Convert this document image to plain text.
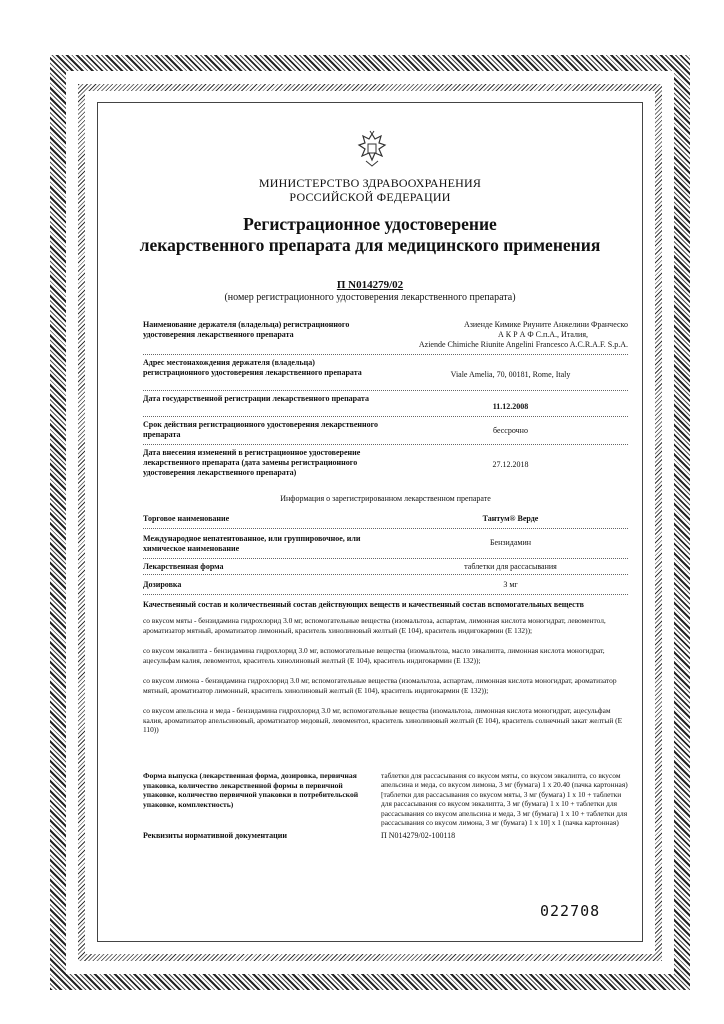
МИНИСТЕРСТВО ЗДРАВООХРАНЕНИЯ
РОССИЙСКОЙ ФЕДЕРАЦИИ
Регистрационное удостоверение
лекарственного препарата для медицинского применения
П N014279/02
(номер регистрационного удостоверения лекарственного препарата)
Наименование держателя (владельца) регистрационного удостоверения лекарственного препарата
Азиенде Кимике Риуните Анжелини Франческо
А К Р А Ф С.п.А., Италия,
Aziende Chimiche Riunite Angelini Francesco A.C.R.A.F. S.p.A.
Адрес местонахождения держателя (владельца) регистрационного удостоверения лекарственного препарата	Viale Amelia, 70, 00181, Rome, Italy
Дата государственной регистрации лекарственного препарата
11.12.2008
Срок действия регистрационного удостоверения лекарственного препарата	бессрочно
Дата внесения изменений в регистрационное удостоверение лекарственного препарата (дата замены регистрационного удостоверения лекарственного препарата)
27.12.2018
Информация о зарегистрированном лекарственном препарате
Торговое наименование	Тантум® Верде
Международное непатентованное, или группировочное, или химическое наименование
Бензидамин
Лекарственная форма	таблетки для рассасывания
Дозировка	3 мг
Качественный состав и количественный состав действующих веществ и качественный состав вспомогательных веществ
со вкусом мяты - бензидамина гидрохлорид 3.0 мг, вспомогательные вещества (изомальтоза, аспартам, лимонная кислота моногидрат, левоментол, ароматизатор мятный, ароматизатор лимонный, краситель хинолиновый желтый (Е 104), краситель индигокармин (Е 132));
со вкусом эвкалипта - бензидамина гидрохлорид 3.0 мг, вспомогательные вещества (изомальтоза, масло эвкалипта, лимонная кислота моногидрат, ацесульфам калия, левоментол, краситель хинолиновый желтый (Е 104), краситель индигокармин (Е 132));
со вкусом лимона - бензидамина гидрохлорид 3.0 мг, вспомогательные вещества (изомальтоза, аспартам, лимонная кислота моногидрат, ароматизатор мятный, ароматизатор лимонный, краситель хинолиновый желтый (Е 104), краситель индигокармин (Е 132));
со вкусом апельсина и меда - бензидамина гидрохлорид 3.0 мг, вспомогательные вещества (изомальтоза, лимонная кислота моногидрат, ацесульфам калия, ароматизатор апельсиновый, ароматизатор медовый, левоментол, краситель хинолиновый желтый (Е 104), краситель солнечный закат желтый (Е 110))
Форма выпуска (лекарственная форма, дозировка, первичная упаковка, количество лекарственной формы в первичной упаковке, количество первичной упаковки в потребительской упаковке, комплектность)
таблетки для рассасывания со вкусом мяты, со вкусом эвкалипта, со вкусом апельсина и меда, со вкусом лимона, 3 мг (бумага) 1 х 20.40 (пачка картонная) [таблетки для рассасывания со вкусом мяты, 3 мг (бумага) 1 х 10 + таблетки для рассасывания со вкусом эвкалипта, 3 мг (бумага) 1 х 10 + таблетки для рассасывания со вкусом апельсина и меда, 3 мг (бумага) 1 х 10 + таблетки для рассасывания со вкусом лимона, 3 мг (бумага) 1 х 10] х 1 (пачка картонная)
Реквизиты нормативной документации	П N014279/02-100118
022708
